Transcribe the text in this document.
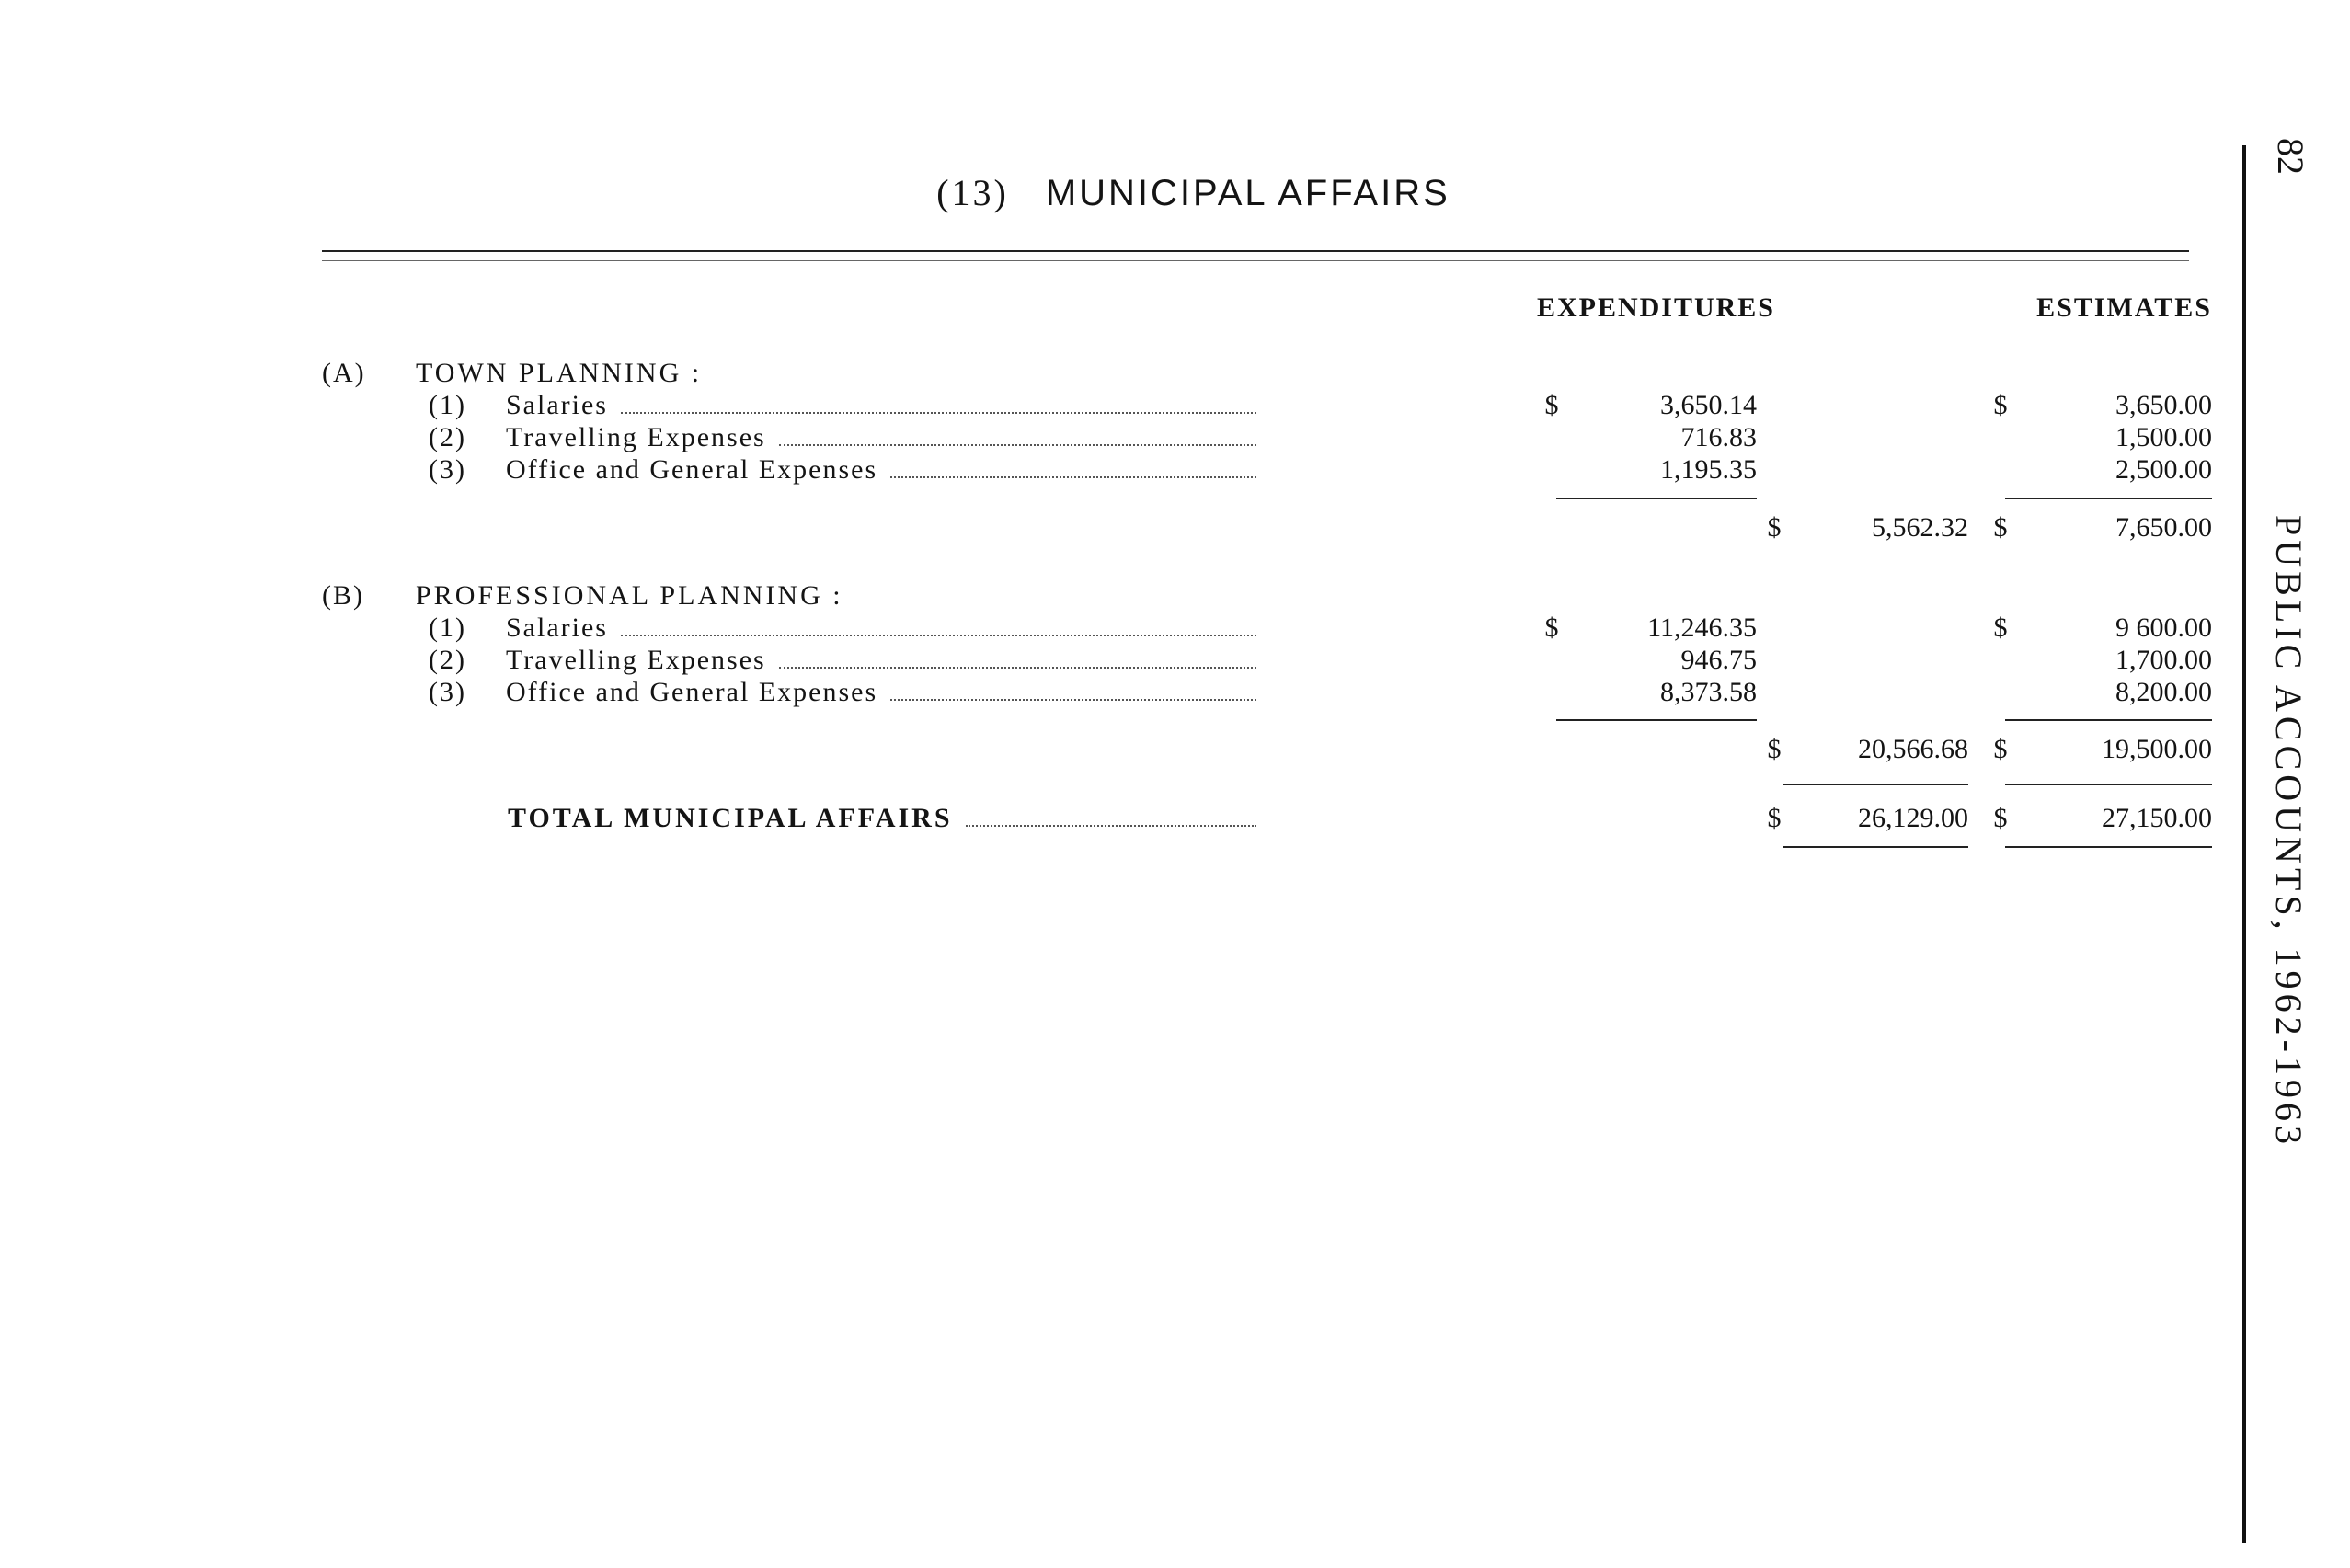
(13) MUNICIPAL AFFAIRS
EXPENDITURES	ESTIMATES
(A)	TOWN PLANNING :
(1)	Salaries	$	3,650.14	$	3,650.00
(2)	Travelling Expenses	716.83	1,500.00
(3)	Office and General Expenses	1,195.35	2,500.00
$	5,562.32 $	7,650.00
(B)	PROFESSIONAL PLANNING :
(1)	Salaries	$	11,246.35	$	9 600.00
(2)	Travelling Expenses	946.75	1,700.00
(3)	Office and General Expenses	8,373.58	8,200.00
$	20,566.68 $	19,500.00
TOTAL MUNICIPAL AFFAIRS	$	26,129.00 $	27,150.00
82
PUBLIC ACCOUNTS, 1962-1963
